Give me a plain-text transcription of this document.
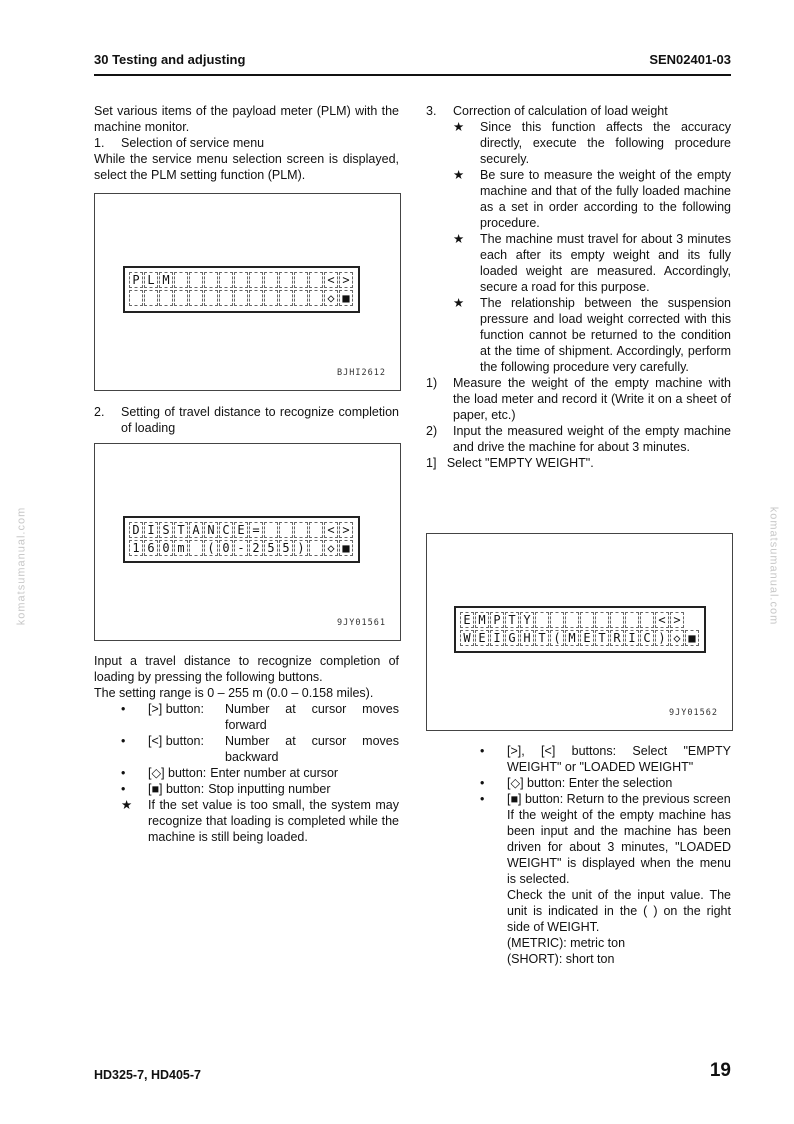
30 Testing and adjusting	SEN02401-03
komatsumanual.com	komatsumanual.com

Set various items of the payload meter (PLM) with the machine monitor.

1.	Selection of service menu

While the service menu selection screen is displayed, select the PLM setting function (PLM).

P L M	< >
◇ ■
BJHI2612
2.	Setting of travel distance to recognize completion of loading
D I S T A N C E =	< >
1 6 0 m ( 0 - 2 5 5 ) ◇ ■
9JY01561

Input a travel distance to recognize completion of loading by pressing the following buttons.

The setting range is 0 – 255 m (0.0 – 0.158 miles).

•	[>] button:	Number at cursor moves forward
•	[<] button:	Number at cursor moves backward
•	[◇] button: Enter number at cursor
•	[■] button: Stop inputting number
★	If the set value is too small, the system may recognize that loading is completed while the machine is still being loaded.
3.	Correction of calculation of load weight
★	Since this function affects the accuracy directly, execute the following procedure securely.
★	Be sure to measure the weight of the empty machine and that of the fully loaded machine as a set in order according to the following procedure.
★	The machine must travel for about 3 minutes each after its empty weight and its fully loaded weight are measured. Accordingly, secure a road for this purpose.
★	The relationship between the suspension pressure and load weight corrected with this function cannot be returned to the condition at the time of shipment. Accordingly, perform the following procedure very carefully.
1)	Measure the weight of the empty machine with the load meter and record it (Write it on a sheet of paper, etc.)
2)	Input the measured weight of the empty machine and drive the machine for about 3 minutes.

1]   Select "EMPTY WEIGHT".

E M P T Y	< >
W E I G H T ( M E T R I C ) ◇ ■
9JY01562
•	[>], [<] buttons: Select "EMPTY WEIGHT" or "LOADED WEIGHT"
•	[◇] button: Enter the selection
•	[■] button: Return to the previous screen

If the weight of the empty machine has been input and the machine has been driven for about 3 minutes, "LOADED WEIGHT" is displayed when the menu is selected.

Check the unit of the input value. The unit is indicated in the ( ) on the right side of WEIGHT.

(METRIC): metric ton

(SHORT): short ton

HD325-7, HD405-7	19
